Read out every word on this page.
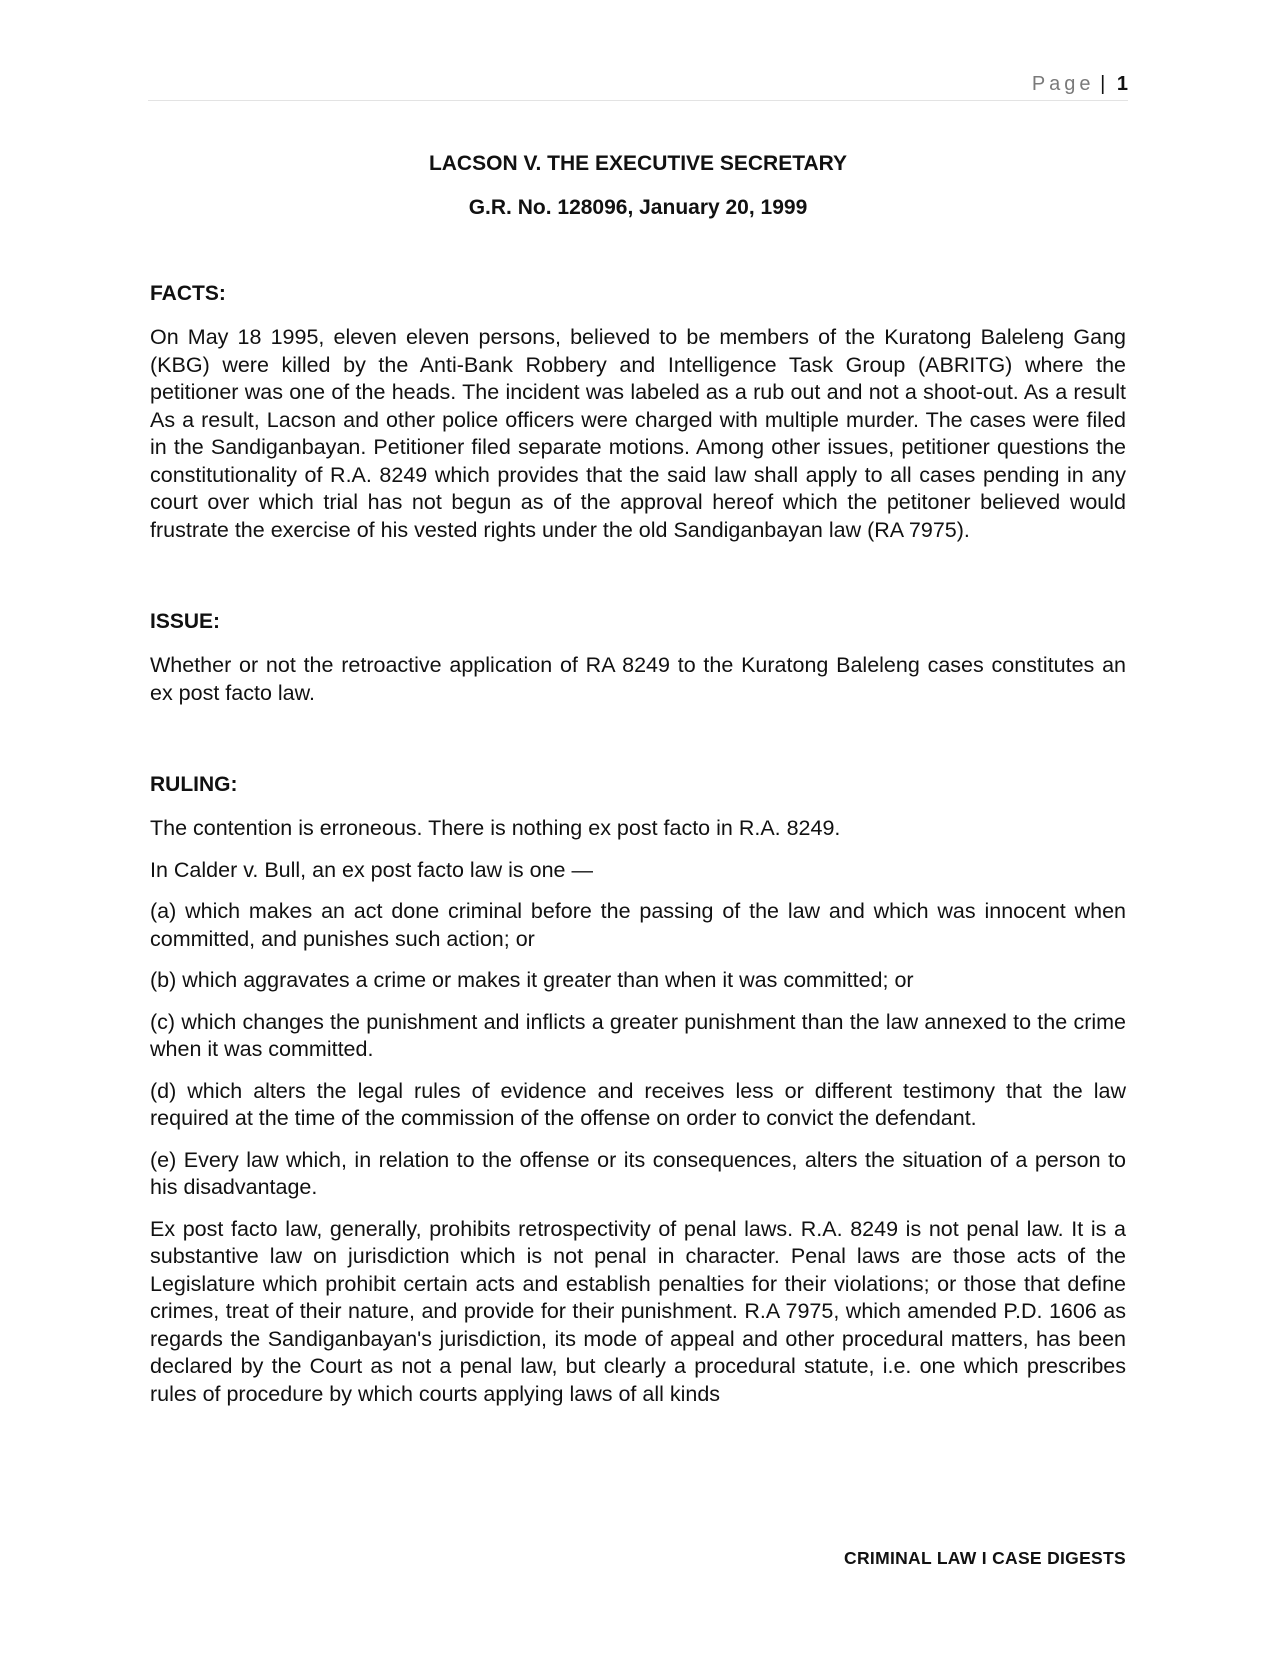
Page | 1
LACSON V. THE EXECUTIVE SECRETARY
G.R. No. 128096, January 20, 1999
FACTS:
On May 18 1995, eleven eleven persons, believed to be members of the Kuratong Baleleng Gang (KBG) were killed by the Anti-Bank Robbery and Intelligence Task Group (ABRITG) where the petitioner was one of the heads. The incident was labeled as a rub out and not a shoot-out. As a result As a result, Lacson and other police officers were charged with multiple murder. The cases were filed in the Sandiganbayan. Petitioner filed separate motions. Among other issues, petitioner questions the constitutionality of R.A. 8249 which provides that the said law shall apply to all cases pending in any court over which trial has not begun as of the approval hereof which the petitoner believed would frustrate the exercise of his vested rights under the old Sandiganbayan law (RA 7975).
ISSUE:
Whether or not the retroactive application of RA 8249 to the Kuratong Baleleng cases constitutes an ex post facto law.
RULING:
The contention is erroneous. There is nothing ex post facto in R.A. 8249.
In Calder v. Bull, an ex post facto law is one —
(a) which makes an act done criminal before the passing of the law and which was innocent when committed, and punishes such action; or
(b) which aggravates a crime or makes it greater than when it was committed; or
(c) which changes the punishment and inflicts a greater punishment than the law annexed to the crime when it was committed.
(d) which alters the legal rules of evidence and receives less or different testimony that the law required at the time of the commission of the offense on order to convict the defendant.
(e) Every law which, in relation to the offense or its consequences, alters the situation of a person to his disadvantage.
Ex post facto law, generally, prohibits retrospectivity of penal laws. R.A. 8249 is not penal law. It is a substantive law on jurisdiction which is not penal in character. Penal laws are those acts of the Legislature which prohibit certain acts and establish penalties for their violations; or those that define crimes, treat of their nature, and provide for their punishment. R.A 7975, which amended P.D. 1606 as regards the Sandiganbayan's jurisdiction, its mode of appeal and other procedural matters, has been declared by the Court as not a penal law, but clearly a procedural statute, i.e. one which prescribes rules of procedure by which courts applying laws of all kinds
CRIMINAL LAW I CASE DIGESTS
